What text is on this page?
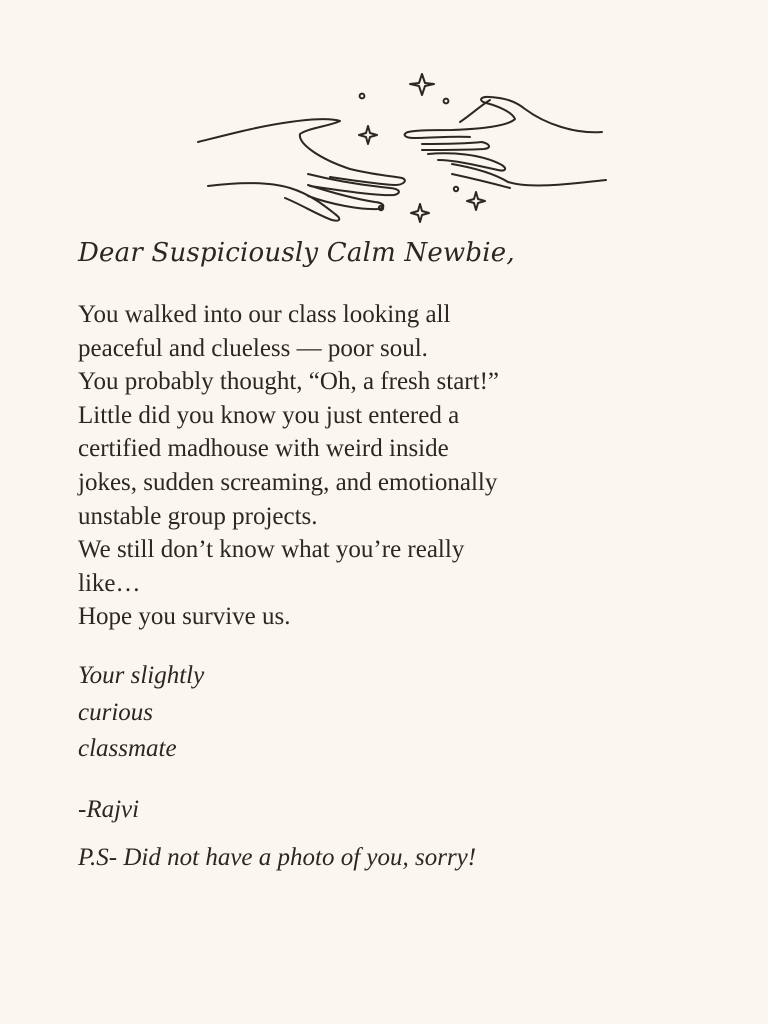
Dear Suspiciously Calm Newbie,
You walked into our class looking all
peaceful and clueless — poor soul.
You probably thought, “Oh, a fresh start!”
Little did you know you just entered a
certified madhouse with weird inside
jokes, sudden screaming, and emotionally
unstable group projects.
We still don’t know what you’re really
like…
Hope you survive us.
Your slightly
curious
classmate
-Rajvi
P.S- Did not have a photo of you, sorry!
